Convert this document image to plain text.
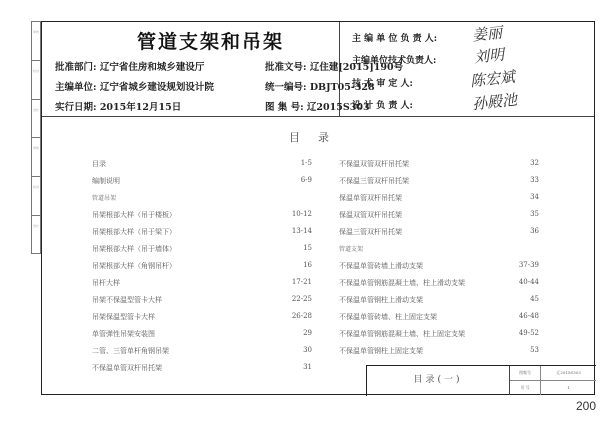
审核
校对
设计
审核
校对
设计
管道支架和吊架
批准部门: 辽宁省住房和城乡建设厅
主编单位: 辽宁省城乡建设规划设计院
实行日期: 2015年12月15日
批准文号: 辽住建[2015]190号
统一编号: DBJT05-328
图 集 号: 辽2015S303
主 编 单 位 负 责 人: 姜丽
主编单位技术负责人: 刘明
技 术 审 定 人:	陈宏斌
设 计 负 责 人:	孙殿池
目录
目录	1-5
编制说明	6-9
管道吊架
吊架根部大样（吊于楼板）	10-12
吊架根部大样（吊于梁下）	13-14
吊架根部大样（吊于墙体）	15
吊架根部大样（角钢吊杆）	16
吊杆大样	17-21
吊架不保温型管卡大样	22-25
吊架保温型管卡大样	26-28
单管弹性吊架安装图	29
二管、三管单杆角钢吊架	30
不保温单管双杆吊托架	31
不保温双管双杆吊托架	32
不保温三管双杆吊托架	33
保温单管双杆吊托架	34
保温双管双杆吊托架	35
保温三管双杆吊托架	36
管道支架
不保温单管砖墙上滑动支架	37-39
不保温单管钢筋混凝土墙、柱上滑动支架	40-44
不保温单管钢柱上滑动支架	45
不保温单管砖墙、柱上固定支架	46-48
不保温单管钢筋混凝土墙、柱上固定支架	49-52
不保温单管钢柱上固定支架	53
目录(一)
图集号	辽2015S303
页 号	1
200
